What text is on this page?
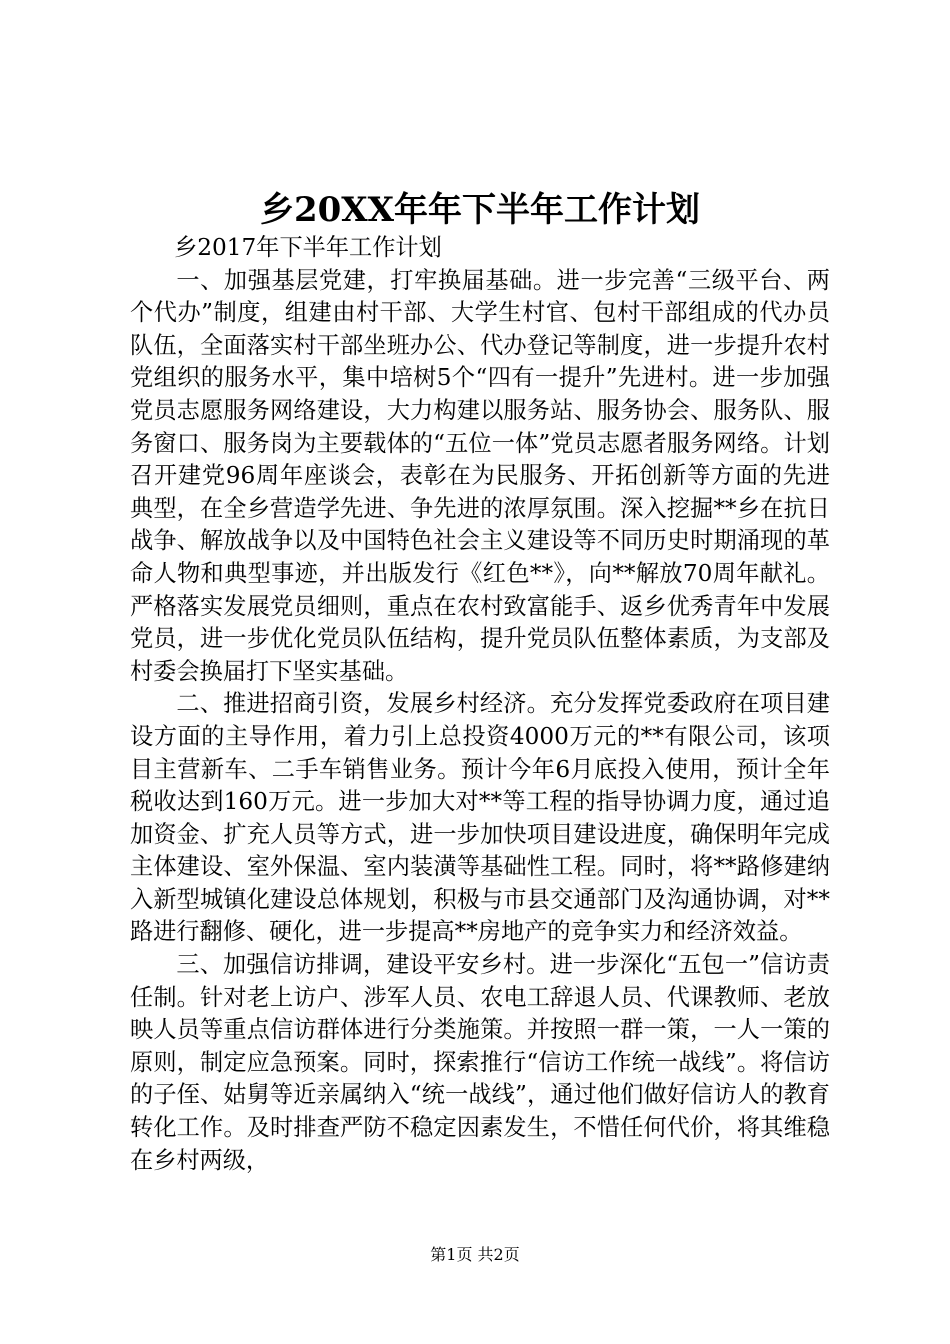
乡20XX年年下半年工作计划

乡2017年下半年工作计划

一、加强基层党建，打牢换届基础。进一步完善“三级平台、两个代办”制度，组建由村干部、大学生村官、包村干部组成的代办员队伍，全面落实村干部坐班办公、代办登记等制度，进一步提升农村党组织的服务水平，集中培树5个“四有一提升”先进村。进一步加强党员志愿服务网络建设，大力构建以服务站、服务协会、服务队、服务窗口、服务岗为主要载体的“五位一体”党员志愿者服务网络。计划召开建党96周年座谈会，表彰在为民服务、开拓创新等方面的先进典型，在全乡营造学先进、争先进的浓厚氛围。深入挖掘**乡在抗日战争、解放战争以及中国特色社会主义建设等不同历史时期涌现的革命人物和典型事迹，并出版发行《红色**》，向**解放70周年献礼。严格落实发展党员细则，重点在农村致富能手、返乡优秀青年中发展党员，进一步优化党员队伍结构，提升党员队伍整体素质，为支部及村委会换届打下坚实基础。

二、推进招商引资，发展乡村经济。充分发挥党委政府在项目建设方面的主导作用，着力引上总投资4000万元的**有限公司，该项目主营新车、二手车销售业务。预计今年6月底投入使用，预计全年税收达到160万元。进一步加大对**等工程的指导协调力度，通过追加资金、扩充人员等方式，进一步加快项目建设进度，确保明年完成主体建设、室外保温、室内装潢等基础性工程。同时，将**路修建纳入新型城镇化建设总体规划，积极与市县交通部门及沟通协调，对**路进行翻修、硬化，进一步提高**房地产的竞争实力和经济效益。

三、加强信访排调，建设平安乡村。进一步深化“五包一”信访责任制。针对老上访户、涉军人员、农电工辞退人员、代课教师、老放映人员等重点信访群体进行分类施策。并按照一群一策，一人一策的原则，制定应急预案。同时，探索推行“信访工作统一战线”。将信访的子侄、姑舅等近亲属纳入“统一战线”，通过他们做好信访人的教育转化工作。及时排查严防不稳定因素发生，不惜任何代价，将其维稳在乡村两级，

第1页 共2页
